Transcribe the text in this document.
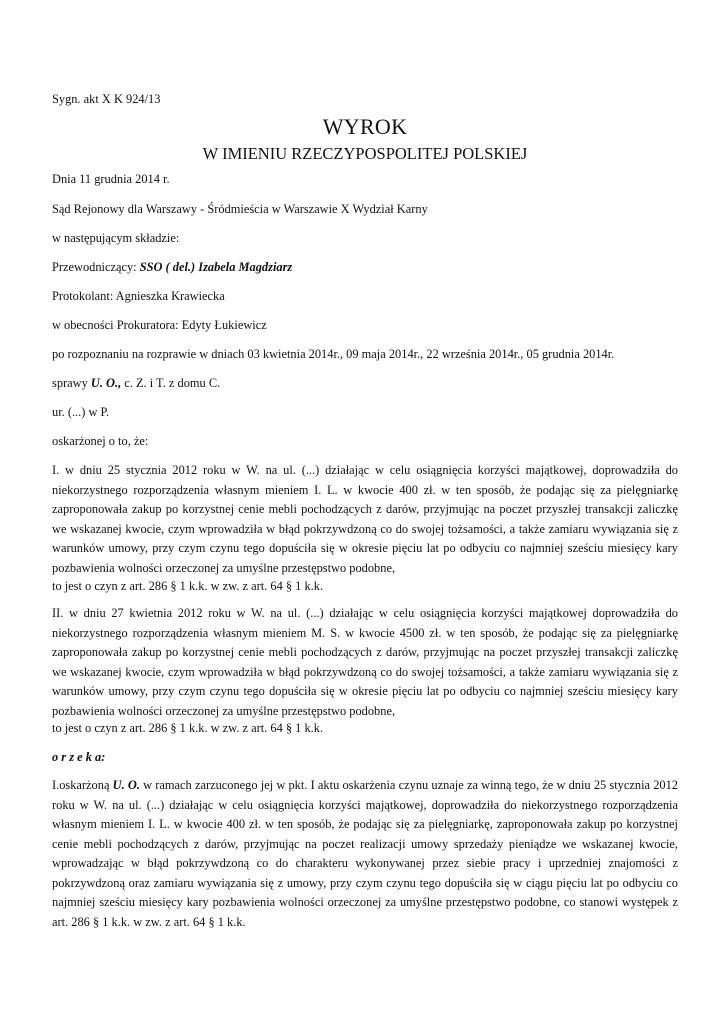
Sygn. akt X K 924/13
WYROK
W IMIENIU RZECZYPOSPOLITEJ POLSKIEJ
Dnia 11 grudnia 2014 r.
Sąd Rejonowy dla Warszawy - Śródmieścia w Warszawie X Wydział Karny
w następującym składzie:
Przewodniczący: SSO ( del.) Izabela Magdziarz
Protokolant: Agnieszka Krawiecka
w obecności Prokuratora: Edyty Łukiewicz
po rozpoznaniu na rozprawie w dniach 03 kwietnia 2014r., 09 maja 2014r., 22 września 2014r., 05 grudnia 2014r.
sprawy U. O., c. Z. i T. z domu C.
ur. (...) w P.
oskarżonej o to, że:
I. w dniu 25 stycznia 2012 roku w W. na ul. (...) działając w celu osiągnięcia korzyści majątkowej, doprowadziła do niekorzystnego rozporządzenia własnym mieniem I. L. w kwocie 400 zł. w ten sposób, że podając się za pielęgniarkę zaproponowała zakup po korzystnej cenie mebli pochodzących z darów, przyjmując na poczet przyszłej transakcji zaliczkę we wskazanej kwocie, czym wprowadziła w błąd pokrzywdzoną co do swojej tożsamości, a także zamiaru wywiązania się z warunków umowy, przy czym czynu tego dopuściła się w okresie pięciu lat po odbyciu co najmniej sześciu miesięcy kary pozbawienia wolności orzeczonej za umyślne przestępstwo podobne,
to jest o czyn z art. 286 § 1 k.k. w zw. z art. 64 § 1 k.k.
II. w dniu 27 kwietnia 2012 roku w W. na ul. (...) działając w celu osiągnięcia korzyści majątkowej doprowadziła do niekorzystnego rozporządzenia własnym mieniem M. S. w kwocie 4500 zł. w ten sposób, że podając się za pielęgniarkę zaproponowała zakup po korzystnej cenie mebli pochodzących z darów, przyjmując na poczet przyszłej transakcji zaliczkę we wskazanej kwocie, czym wprowadziła w błąd pokrzywdzoną co do swojej tożsamości, a także zamiaru wywiązania się z warunków umowy, przy czym czynu tego dopuściła się w okresie pięciu lat po odbyciu co najmniej sześciu miesięcy kary pozbawienia wolności orzeczonej za umyślne przestępstwo podobne,
to jest o czyn z art. 286 § 1 k.k. w zw. z art. 64 § 1 k.k.
o r z e k a:
I.oskarżoną U. O. w ramach zarzuconego jej w pkt. I aktu oskarżenia czynu uznaje za winną tego, że w dniu 25 stycznia 2012 roku w W. na ul. (...) działając w celu osiągnięcia korzyści majątkowej, doprowadziła do niekorzystnego rozporządzenia własnym mieniem I. L. w kwocie 400 zł. w ten sposób, że podając się za pielęgniarkę, zaproponowała zakup po korzystnej cenie mebli pochodzących z darów, przyjmując na poczet realizacji umowy sprzedaży pieniądze we wskazanej kwocie, wprowadzając w błąd pokrzywdzoną co do charakteru wykonywanej przez siebie pracy i uprzedniej znajomości z pokrzywdzoną oraz zamiaru wywiązania się z umowy, przy czym czynu tego dopuściła się w ciągu pięciu lat po odbyciu co najmniej sześciu miesięcy kary pozbawienia wolności orzeczonej za umyślne przestępstwo podobne, co stanowi występek z art. 286 § 1 k.k. w zw. z art. 64 § 1 k.k.
